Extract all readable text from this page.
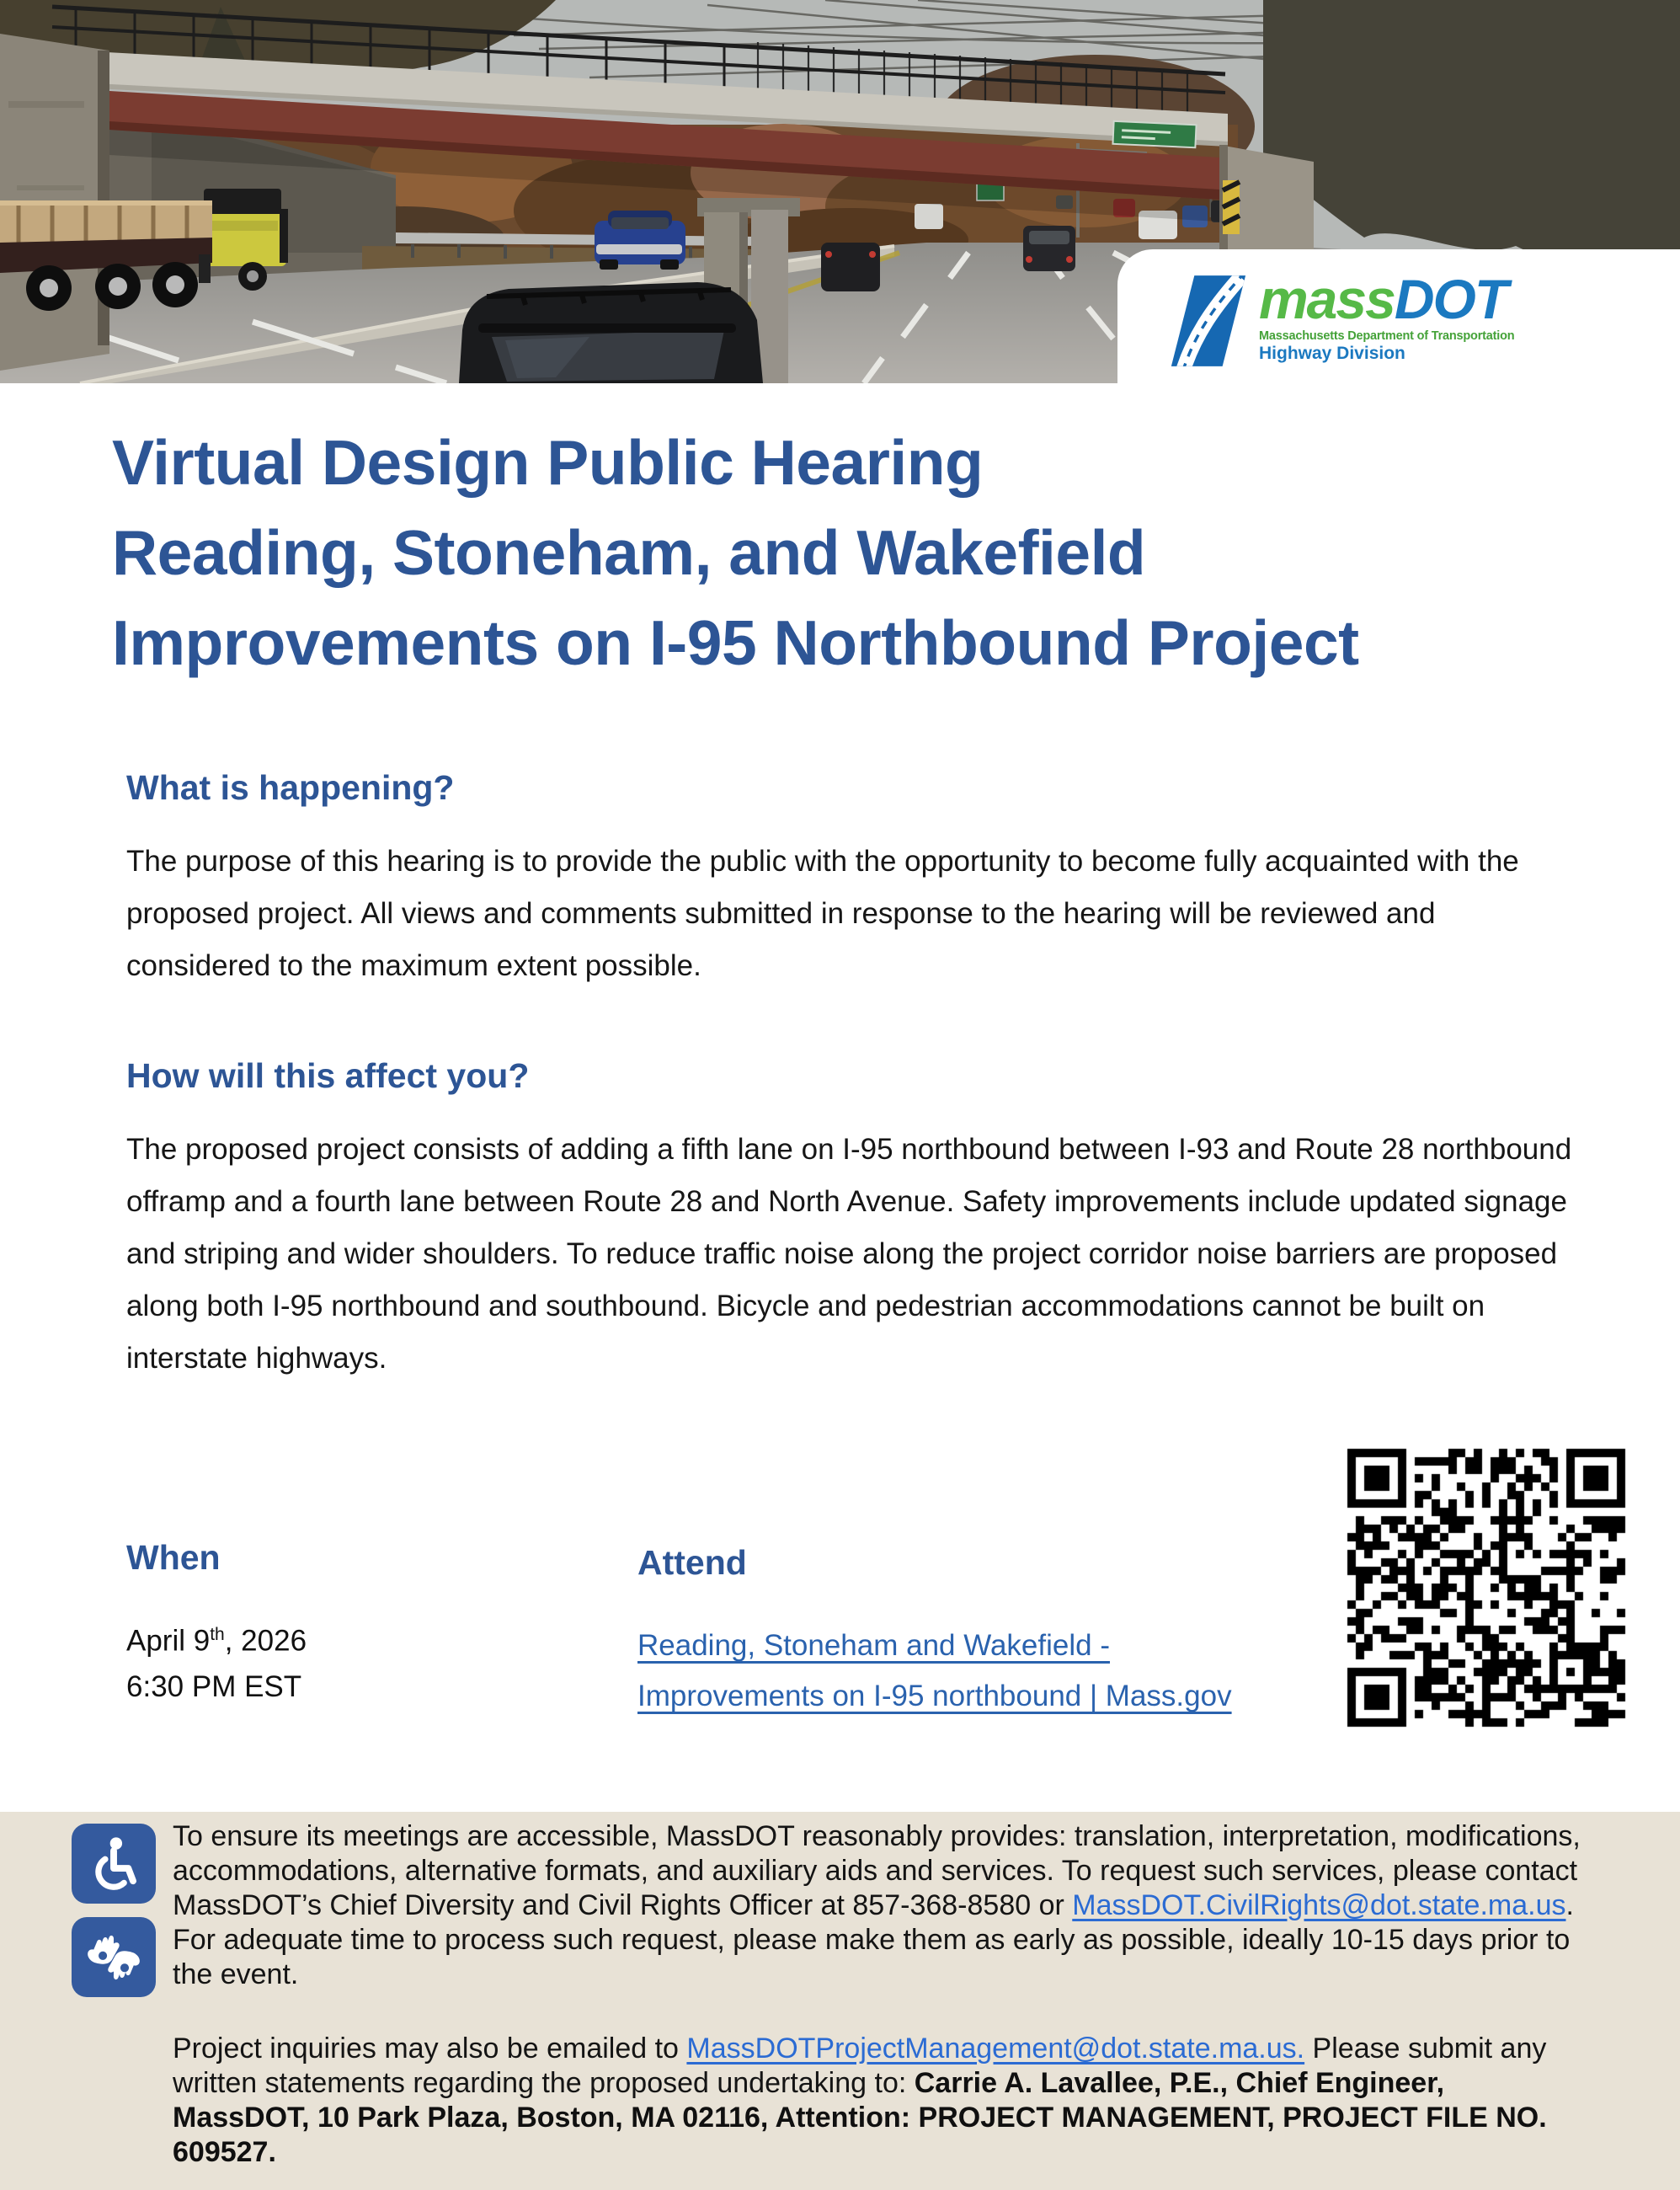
massDOT
Massachusetts Department of Transportation
Highway Division
Virtual Design Public Hearing
Reading, Stoneham, and Wakefield
Improvements on I-95 Northbound Project
What is happening?

The purpose of this hearing is to provide the public with the opportunity to become fully acquainted with the proposed project. All views and comments submitted in response to the hearing will be reviewed and considered to the maximum extent possible.

How will this affect you?

The proposed project consists of adding a fifth lane on I-95 northbound between I-93 and Route 28 northbound offramp and a fourth lane between Route 28 and North Avenue. Safety improvements include updated signage and striping and wider shoulders. To reduce traffic noise along the project corridor noise barriers are proposed along both I-95 northbound and southbound. Bicycle and pedestrian accommodations cannot be built on interstate highways.

When

April 9th, 2026
6:30 PM EST

Attend
Reading, Stoneham and Wakefield -
Improvements on I-95 northbound | Mass.gov

To ensure its meetings are accessible, MassDOT reasonably provides: translation, interpretation, modifications, accommodations, alternative formats, and auxiliary aids and services. To request such services, please contact MassDOT’s Chief Diversity and Civil Rights Officer at 857-368-8580 or MassDOT.CivilRights@dot.state.ma.us. For adequate time to process such request, please make them as early as possible, ideally 10-15 days prior to the event.

Project inquiries may also be emailed to MassDOTProjectManagement@dot.state.ma.us. Please submit any written statements regarding the proposed undertaking to: Carrie A. Lavallee, P.E., Chief Engineer, MassDOT, 10 Park Plaza, Boston, MA 02116, Attention: PROJECT MANAGEMENT, PROJECT FILE NO. 609527.
